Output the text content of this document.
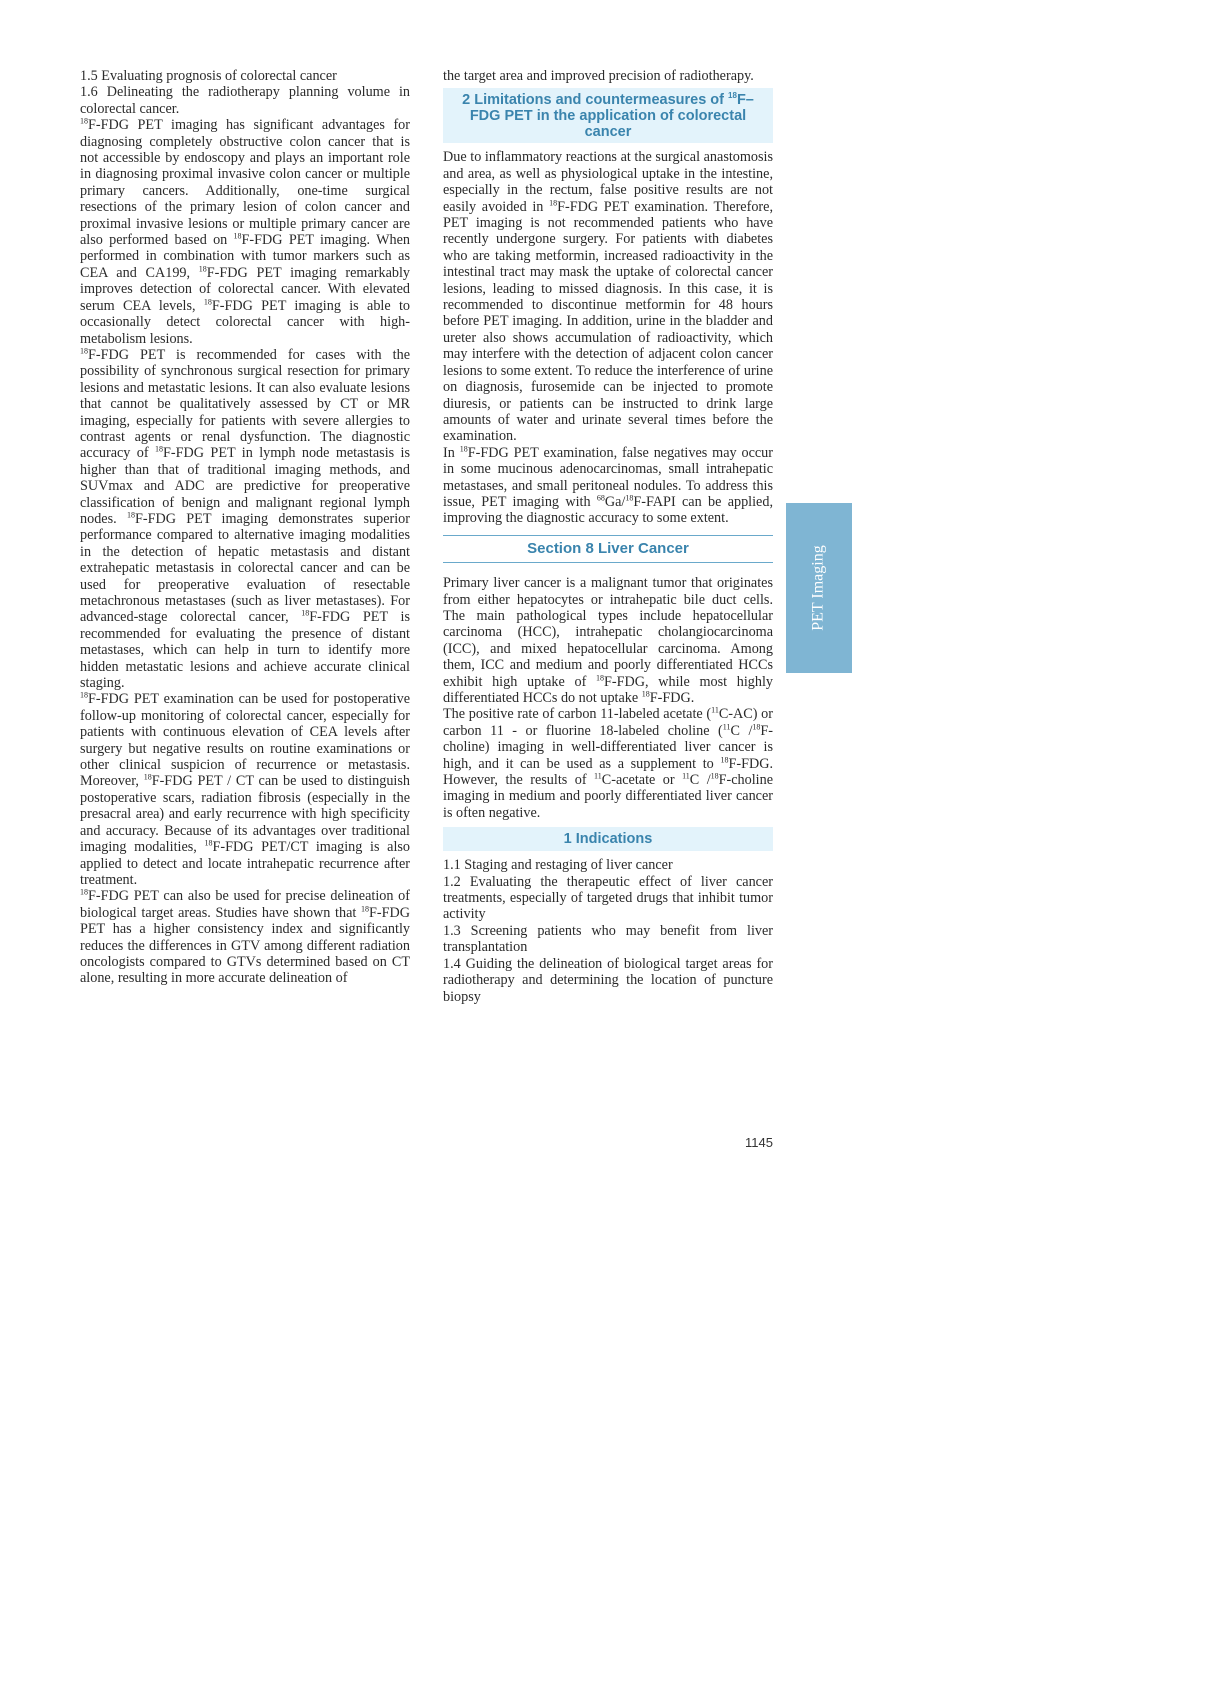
1.5 Evaluating prognosis of colorectal cancer

1.6 Delineating the radiotherapy planning volume in colorectal cancer.

$^{18}$F-FDG PET imaging has significant advantages for diagnosing completely obstructive colon cancer that is not accessible by endoscopy and plays an important role in diagnosing proximal invasive colon cancer or multiple primary cancers. Additionally, one-time surgical resections of the primary lesion of colon cancer and proximal invasive lesions or multiple primary cancer are also performed based on $^{18}$F-FDG PET imaging. When performed in combination with tumor markers such as CEA and CA199, $^{18}$F-FDG PET imaging remarkably improves detection of colorectal cancer. With elevated serum CEA levels, $^{18}$F-FDG PET imaging is able to occasionally detect colorectal cancer with high-metabolism lesions.

$^{18}$F-FDG PET is recommended for cases with the possibility of synchronous surgical resection for primary lesions and metastatic lesions. It can also evaluate lesions that cannot be qualitatively assessed by CT or MR imaging, especially for patients with severe allergies to contrast agents or renal dysfunction. The diagnostic accuracy of $^{18}$F-FDG PET in lymph node metastasis is higher than that of traditional imaging methods, and SUVmax and ADC are predictive for preoperative classification of benign and malignant regional lymph nodes. $^{18}$F-FDG PET imaging demonstrates superior performance compared to alternative imaging modalities in the detection of hepatic metastasis and distant extrahepatic metastasis in colorectal cancer and can be used for preoperative evaluation of resectable metachronous metastases (such as liver metastases). For advanced-stage colorectal cancer, $^{18}$F-FDG PET is recommended for evaluating the presence of distant metastases, which can help in turn to identify more hidden metastatic lesions and achieve accurate clinical staging.

$^{18}$F-FDG PET examination can be used for postoperative follow-up monitoring of colorectal cancer, especially for patients with continuous elevation of CEA levels after surgery but negative results on routine examinations or other clinical suspicion of recurrence or metastasis. Moreover, $^{18}$F-FDG PET / CT can be used to distinguish postoperative scars, radiation fibrosis (especially in the presacral area) and early recurrence with high specificity and accuracy. Because of its advantages over traditional imaging modalities, $^{18}$F-FDG PET/CT imaging is also applied to detect and locate intrahepatic recurrence after treatment.

$^{18}$F-FDG PET can also be used for precise delineation of biological target areas. Studies have shown that $^{18}$F-FDG PET has a higher consistency index and significantly reduces the differences in GTV among different radiation oncologists compared to GTVs determined based on CT alone, resulting in more accurate delineation of

the target area and improved precision of radiotherapy.

2 Limitations and countermeasures of $^{18}$F–FDG PET in the application of colorectal cancer

Due to inflammatory reactions at the surgical anastomosis and area, as well as physiological uptake in the intestine, especially in the rectum, false positive results are not easily avoided in $^{18}$F-FDG PET examination. Therefore, PET imaging is not recommended patients who have recently undergone surgery. For patients with diabetes who are taking metformin, increased radioactivity in the intestinal tract may mask the uptake of colorectal cancer lesions, leading to missed diagnosis. In this case, it is recommended to discontinue metformin for 48 hours before PET imaging. In addition, urine in the bladder and ureter also shows accumulation of radioactivity, which may interfere with the detection of adjacent colon cancer lesions to some extent. To reduce the interference of urine on diagnosis, furosemide can be injected to promote diuresis, or patients can be instructed to drink large amounts of water and urinate several times before the examination.

In $^{18}$F-FDG PET examination, false negatives may occur in some mucinous adenocarcinomas, small intrahepatic metastases, and small peritoneal nodules. To address this issue, PET imaging with $^{68}$Ga/$^{18}$F-FAPI can be applied, improving the diagnostic accuracy to some extent.

Section 8 Liver Cancer

Primary liver cancer is a malignant tumor that originates from either hepatocytes or intrahepatic bile duct cells. The main pathological types include hepatocellular carcinoma (HCC), intrahepatic cholangiocarcinoma (ICC), and mixed hepatocellular carcinoma. Among them, ICC and medium and poorly differentiated HCCs exhibit high uptake of $^{18}$F-FDG, while most highly differentiated HCCs do not uptake $^{18}$F-FDG.

The positive rate of carbon 11-labeled acetate ($^{11}$C-AC) or carbon 11 - or fluorine 18-labeled choline ($^{11}$C /$^{18}$F-choline) imaging in well-differentiated liver cancer is high, and it can be used as a supplement to $^{18}$F-FDG. However, the results of $^{11}$C-acetate or $^{11}$C /$^{18}$F-choline imaging in medium and poorly differentiated liver cancer is often negative.

1 Indications

1.1 Staging and restaging of liver cancer

1.2 Evaluating the therapeutic effect of liver cancer treatments, especially of targeted drugs that inhibit tumor activity

1.3 Screening patients who may benefit from liver transplantation

1.4 Guiding the delineation of biological target areas for radiotherapy and determining the location of puncture biopsy

PET Imaging
1145
